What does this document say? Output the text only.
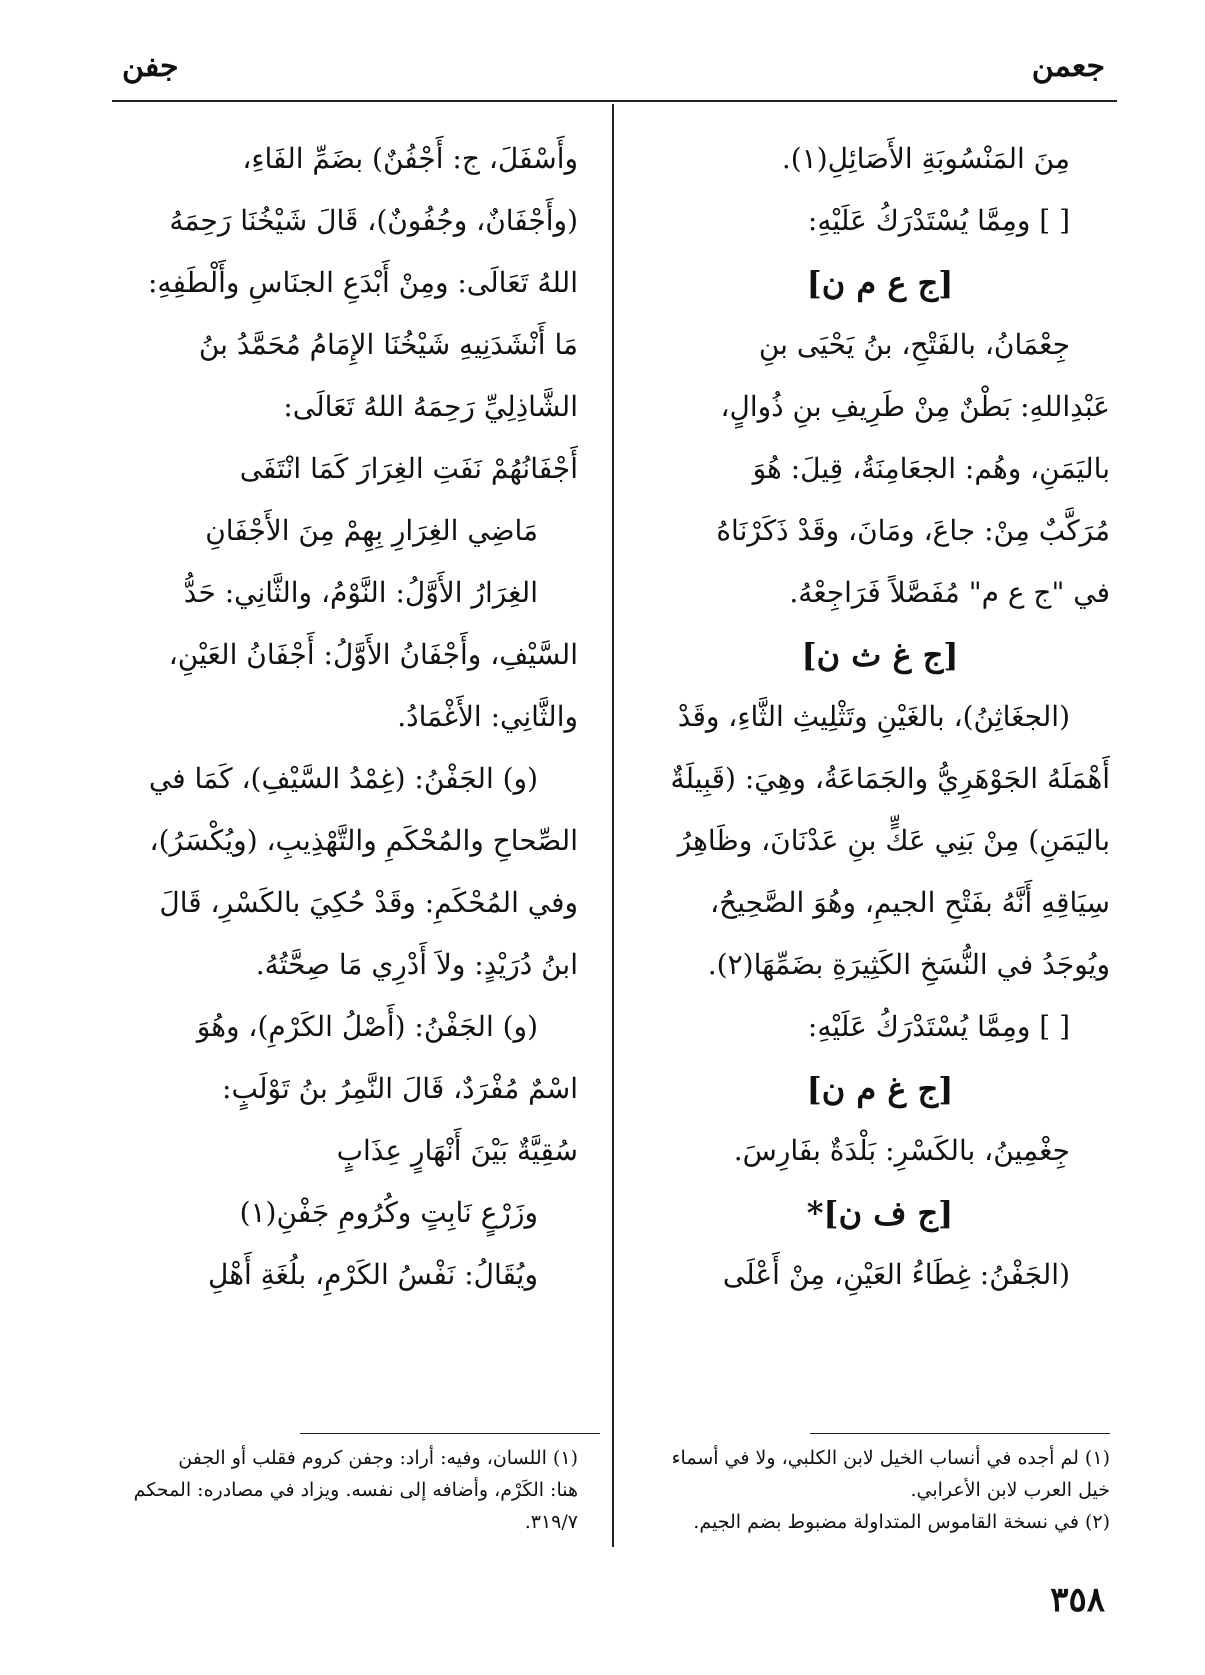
جعمن
جفن
مِنَ المَنْسُوبَةِ الأَصَائِلِ(١).
[ ] ومِمَّا يُسْتَدْرَكُ عَلَيْهِ:
[ج ع م ن]
جِعْمَانُ، بالفَتْحِ، بنُ يَحْيَى بنِ
عَبْدِاللهِ: بَطْنٌ مِنْ طَرِيفِ بنِ ذُوالٍ،
باليَمَنِ، وهُم: الجعَامِنَةُ، قِيلَ: هُوَ
مُرَكَّبٌ مِنْ: جاعَ، ومَانَ، وقَدْ ذَكَرْنَاهُ
في "ج ع م" مُفَصَّلاً فَرَاجِعْهُ.
[ج غ ث ن]
(الجغَاثِنُ)، بالغَيْنِ وتَثْلِيثِ الثَّاءِ، وقَدْ
أَهْمَلَهُ الجَوْهَرِيُّ والجَمَاعَةُ، وهِيَ: (قَبِيلَةٌ
باليَمَنِ) مِنْ بَنِي عَكٍّ بنِ عَدْنَانَ، وظَاهِرُ
سِيَاقِهِ أَنَّهُ بفَتْحِ الجيمِ، وهُوَ الصَّحِيحُ،
ويُوجَدُ في النُّسَخِ الكَثِيرَةِ بضَمِّهَا(٢).
[ ] ومِمَّا يُسْتَدْرَكُ عَلَيْهِ:
[ج غ م ن]
جِغْمِينُ، بالكَسْرِ: بَلْدَةٌ بفَارِسَ.
[ج ف ن]*
(الجَفْنُ: غِطَاءُ العَيْنِ، مِنْ أَعْلَى
وأَسْفَلَ، ج: أَجْفُنٌ) بضَمِّ الفَاءِ،
(وأَجْفَانٌ، وجُفُونٌ)، قَالَ شَيْخُنَا رَحِمَهُ
اللهُ تَعَالَى: ومِنْ أَبْدَعِ الجنَاسِ وأَلْطَفِهِ:
مَا أَنْشَدَنِيهِ شَيْخُنَا الإِمَامُ مُحَمَّدُ بنُ
الشَّاذِلِيِّ رَحِمَهُ اللهُ تَعَالَى:
أَجْفَانُهُمْ نَفَتِ الغِرَارَ كَمَا انْتَفَى
مَاضِي الغِرَارِ بِهِمْ مِنَ الأَجْفَانِ
الغِرَارُ الأَوَّلُ: النَّوْمُ، والثَّانِي: حَدُّ
السَّيْفِ، وأَجْفَانُ الأَوَّلُ: أَجْفَانُ العَيْنِ،
والثَّانِي: الأَغْمَادُ.
(و) الجَفْنُ: (غِمْدُ السَّيْفِ)، كَمَا في
الصِّحاحِ والمُحْكَمِ والتَّهْذِيبِ، (ويُكْسَرُ)،
وفي المُحْكَمِ: وقَدْ حُكِيَ بالكَسْرِ، قَالَ
ابنُ دُرَيْدٍ: ولاَ أَدْرِي مَا صِحَّتُهُ.
(و) الجَفْنُ: (أَصْلُ الكَرْمِ)، وهُوَ
اسْمٌ مُفْرَدٌ، قَالَ النَّمِرُ بنُ تَوْلَبٍ:
سُقِيَّةٌ بَيْنَ أَنْهَارٍ عِذَابٍ
وزَرْعٍ نَابِتٍ وكُرُومِ جَفْنِ(١)
ويُقَالُ: نَفْسُ الكَرْمِ، بلُغَةِ أَهْلِ
(١) لم أجده في أنساب الخيل لابن الكلبي، ولا في أسماء
خيل العرب لابن الأعرابي.
(٢) في نسخة القاموس المتداولة مضبوط بضم الجيم.
(١) اللسان، وفيه: أراد: وجفن كروم فقلب أو الجفن
هنا: الكَرْم، وأضافه إلى نفسه. ويزاد في مصادره: المحكم
٣١٩/٧.
٣٥٨
